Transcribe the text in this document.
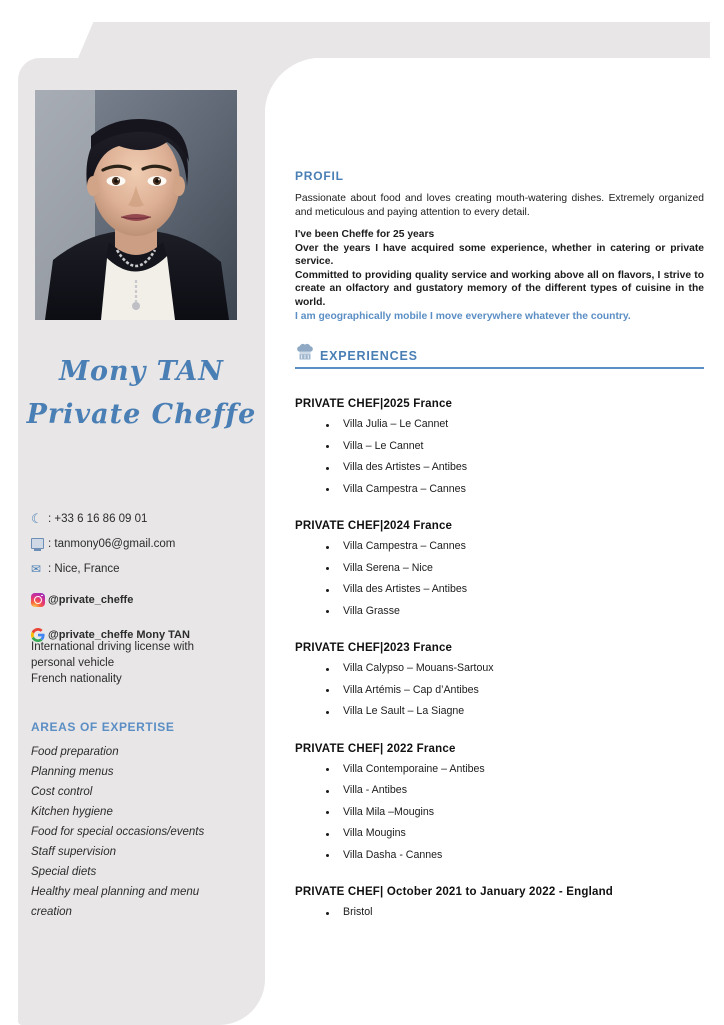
Mony TAN
Private Cheffe
☾ : +33 6 16 86 09 01
: tanmony06@gmail.com
✉ : Nice, France
@private_cheffe
@private_cheffe Mony TAN
International driving license with
personal vehicle
French nationality
AREAS OF EXPERTISE
Food preparation
Planning menus
Cost control
Kitchen hygiene
Food for special occasions/events
Staff supervision
Special diets
Healthy meal planning and menu
creation
PROFIL

Passionate about food and loves creating mouth-watering dishes. Extremely organized and meticulous and paying attention to every detail.

I've been Cheffe for 25 years

Over the years I have acquired some experience, whether in catering or private service.

Committed to providing quality service and working above all on flavors, I strive to create an olfactory and gustatory memory of the different types of cuisine in the world.

I am geographically mobile I move everywhere whatever the country.

EXPERIENCES
PRIVATE CHEF|2025 France
Villa Julia – Le Cannet
Villa – Le Cannet
Villa des Artistes – Antibes
Villa Campestra – Cannes
PRIVATE CHEF|2024 France
Villa Campestra – Cannes
Villa Serena – Nice
Villa des Artistes – Antibes
Villa Grasse
PRIVATE CHEF|2023 France
Villa Calypso – Mouans-Sartoux
Villa Artémis – Cap d’Antibes
Villa Le Sault – La Siagne
PRIVATE CHEF| 2022 France
Villa Contemporaine – Antibes
Villa - Antibes
Villa Mila –Mougins
Villa Mougins
Villa Dasha - Cannes
PRIVATE CHEF| October 2021 to January 2022 - England
Bristol
